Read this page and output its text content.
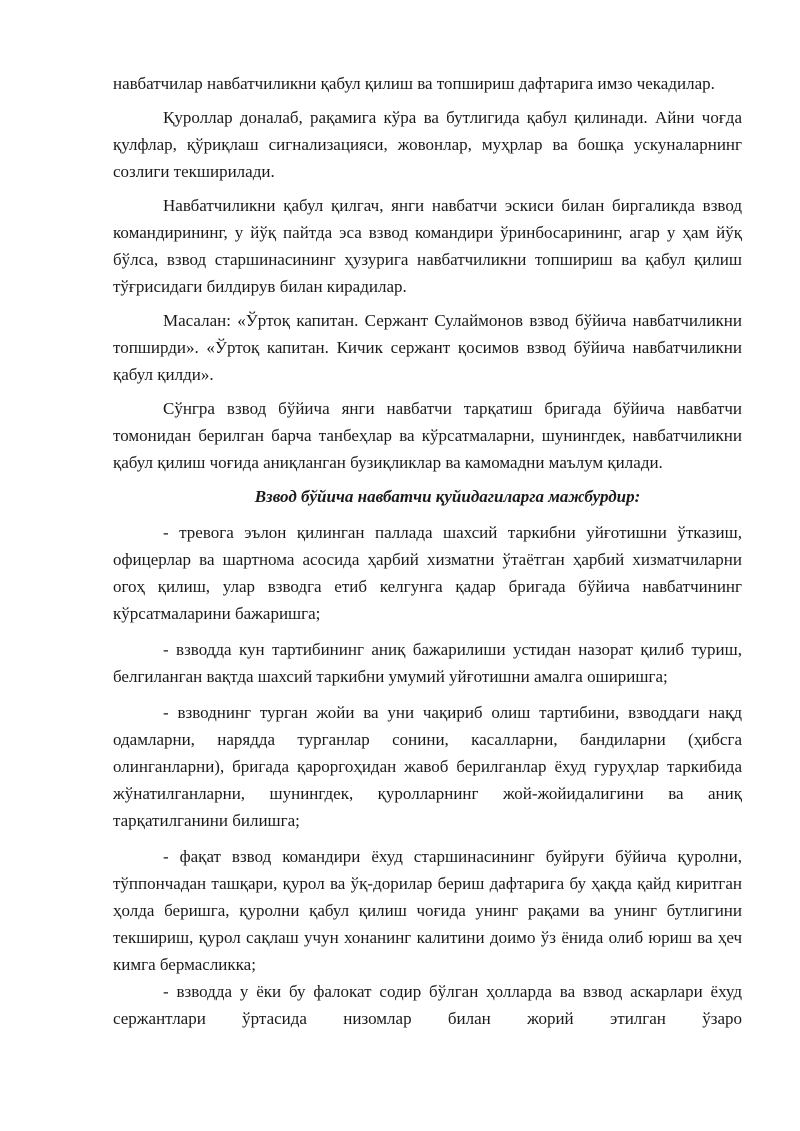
навбатчилар навбатчиликни қабул қилиш ва топшириш дафтарига имзо чекадилар.

Қуроллар доналаб, рақамига кўра ва бутлигида қабул қилинади. Айни чоғда қулфлар, қўриқлаш сигнализацияси, жовонлар, муҳрлар ва бошқа ускуналарнинг созлиги текширилади.

Навбатчиликни қабул қилгач, янги навбатчи эскиси билан биргаликда взвод командирининг, у йўқ пайтда эса взвод командири ўринбосарининг, агар у ҳам йўқ бўлса, взвод старшинасининг ҳузурига навбатчиликни топшириш ва қабул қилиш тўғрисидаги билдирув билан кирадилар.

Масалан: «Ўртоқ капитан. Сержант Сулаймонов взвод бўйича навбатчиликни топширди». «Ўртоқ капитан. Кичик сержант қосимов взвод бўйича навбатчиликни қабул қилди».

Сўнгра взвод бўйича янги навбатчи тарқатиш бригада бўйича навбатчи томонидан берилган барча танбеҳлар ва кўрсатмаларни, шунингдек, навбатчиликни қабул қилиш чоғида аниқланган бузиқликлар ва камомадни маълум қилади.

Взвод бўйича навбатчи қуйидагиларга мажбурдир:

- тревога эълон қилинган паллада шахсий таркибни уйғотишни ўтказиш, офицерлар ва шартнома асосида ҳарбий хизматни ўтаётган ҳарбий хизматчиларни огоҳ қилиш, улар взводга етиб келгунга қадар бригада бўйича навбатчининг кўрсатмаларини бажаришга;

- взводда кун тартибининг аниқ бажарилиши устидан назорат қилиб туриш, белгиланган вақтда шахсий таркибни умумий уйғотишни амалга оширишга;

- взводнинг турган жойи ва уни чақириб олиш тартибини, взводдаги нақд одамларни, нарядда турганлар сонини, касалларни, бандиларни (ҳибсга олинганларни), бригада қароргоҳидан жавоб берилганлар ёхуд гуруҳлар таркибида жўнатилганларни, шунингдек, қуролларнинг жой-жойидалигини ва аниқ тарқатилганини билишга;

- фақат взвод командири ёхуд старшинасининг буйруғи бўйича қуролни, тўппончадан ташқари, қурол ва ўқ-дорилар бериш дафтарига бу ҳақда қайд киритган ҳолда беришга, қуролни қабул қилиш чоғида унинг рақами ва унинг бутлигини текшириш, қурол сақлаш учун хонанинг калитини доимо ўз ёнида олиб юриш ва ҳеч кимга бермасликка;

- взводда у ёки бу фалокат содир бўлган ҳолларда ва взвод аскарлари ёхуд сержантлари ўртасида низомлар билан жорий этилган ўзаро
